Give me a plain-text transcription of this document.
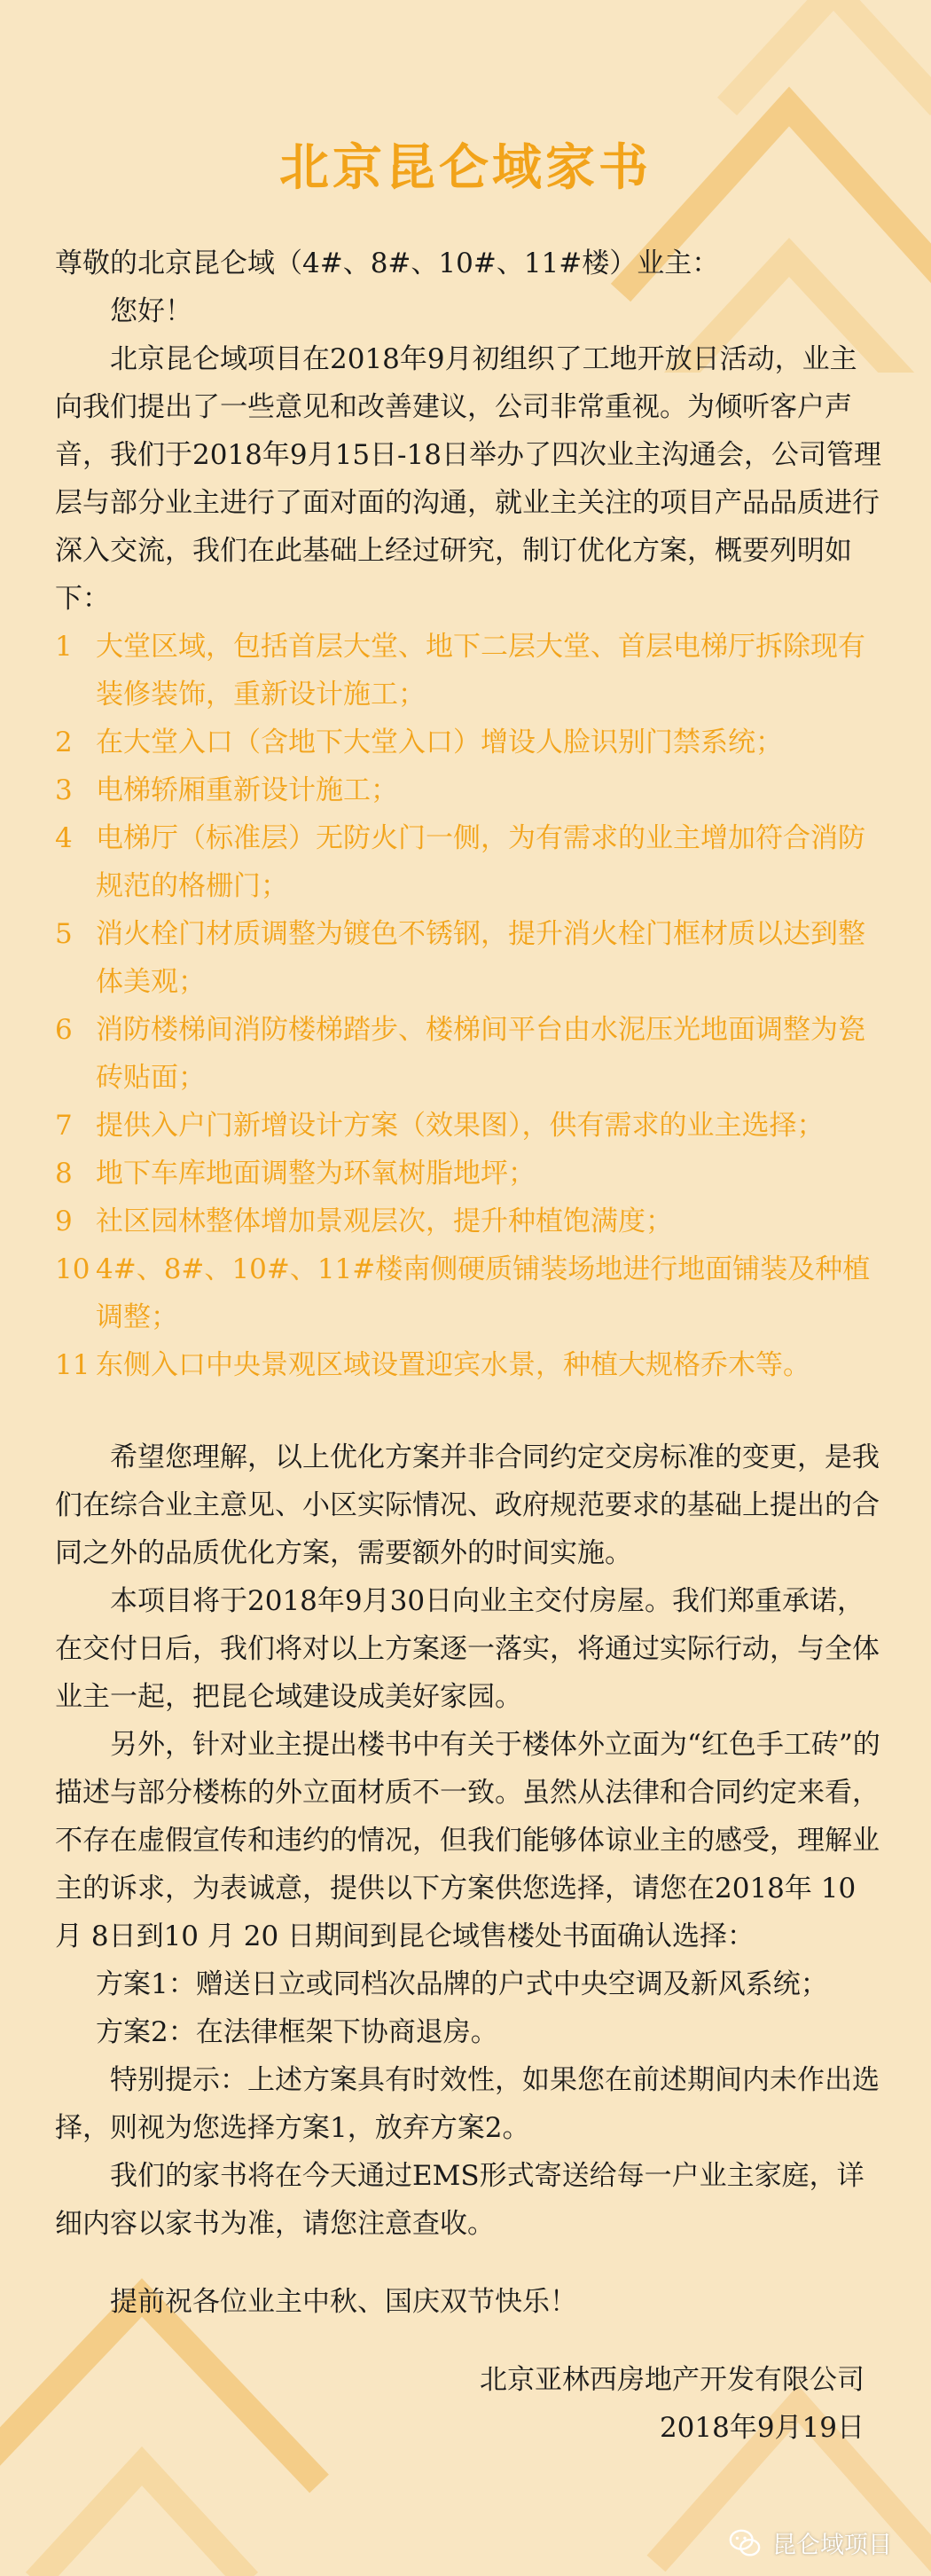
北京昆仑域家书

尊敬的北京昆仑域（4#、8#、10#、11#楼）业主：

您好！

北京昆仑域项目在2018年9月初组织了工地开放日活动，业主向我们提出了一些意见和改善建议，公司非常重视。为倾听客户声音，我们于2018年9月15日-18日举办了四次业主沟通会，公司管理层与部分业主进行了面对面的沟通，就业主关注的项目产品品质进行深入交流，我们在此基础上经过研究，制订优化方案，概要列明如下：

1 大堂区域，包括首层大堂、地下二层大堂、首层电梯厅拆除现有装修装饰，重新设计施工；
2 在大堂入口（含地下大堂入口）增设人脸识别门禁系统；
3 电梯轿厢重新设计施工；
4 电梯厅（标准层）无防火门一侧，为有需求的业主增加符合消防规范的格栅门；
5 消火栓门材质调整为镀色不锈钢，提升消火栓门框材质以达到整体美观；
6 消防楼梯间消防楼梯踏步、楼梯间平台由水泥压光地面调整为瓷砖贴面；
7 提供入户门新增设计方案（效果图），供有需求的业主选择；
8 地下车库地面调整为环氧树脂地坪；
9 社区园林整体增加景观层次，提升种植饱满度；
10 4#、8#、10#、11#楼南侧硬质铺装场地进行地面铺装及种植调整；
11 东侧入口中央景观区域设置迎宾水景，种植大规格乔木等。

希望您理解，以上优化方案并非合同约定交房标准的变更，是我们在综合业主意见、小区实际情况、政府规范要求的基础上提出的合同之外的品质优化方案，需要额外的时间实施。

本项目将于2018年9月30日向业主交付房屋。我们郑重承诺，在交付日后，我们将对以上方案逐一落实，将通过实际行动，与全体业主一起，把昆仑域建设成美好家园。

另外，针对业主提出楼书中有关于楼体外立面为“红色手工砖”的描述与部分楼栋的外立面材质不一致。虽然从法律和合同约定来看，不存在虚假宣传和违约的情况，但我们能够体谅业主的感受，理解业主的诉求，为表诚意，提供以下方案供您选择，请您在2018年 10 月 8日到10 月 20 日期间到昆仑域售楼处书面确认选择：

方案1：赠送日立或同档次品牌的户式中央空调及新风系统；

方案2：在法律框架下协商退房。

特别提示：上述方案具有时效性，如果您在前述期间内未作出选择，则视为您选择方案1，放弃方案2。

我们的家书将在今天通过EMS形式寄送给每一户业主家庭，详细内容以家书为准，请您注意查收。

提前祝各位业主中秋、国庆双节快乐！

北京亚林西房地产开发有限公司

2018年9月19日

昆仑域项目
